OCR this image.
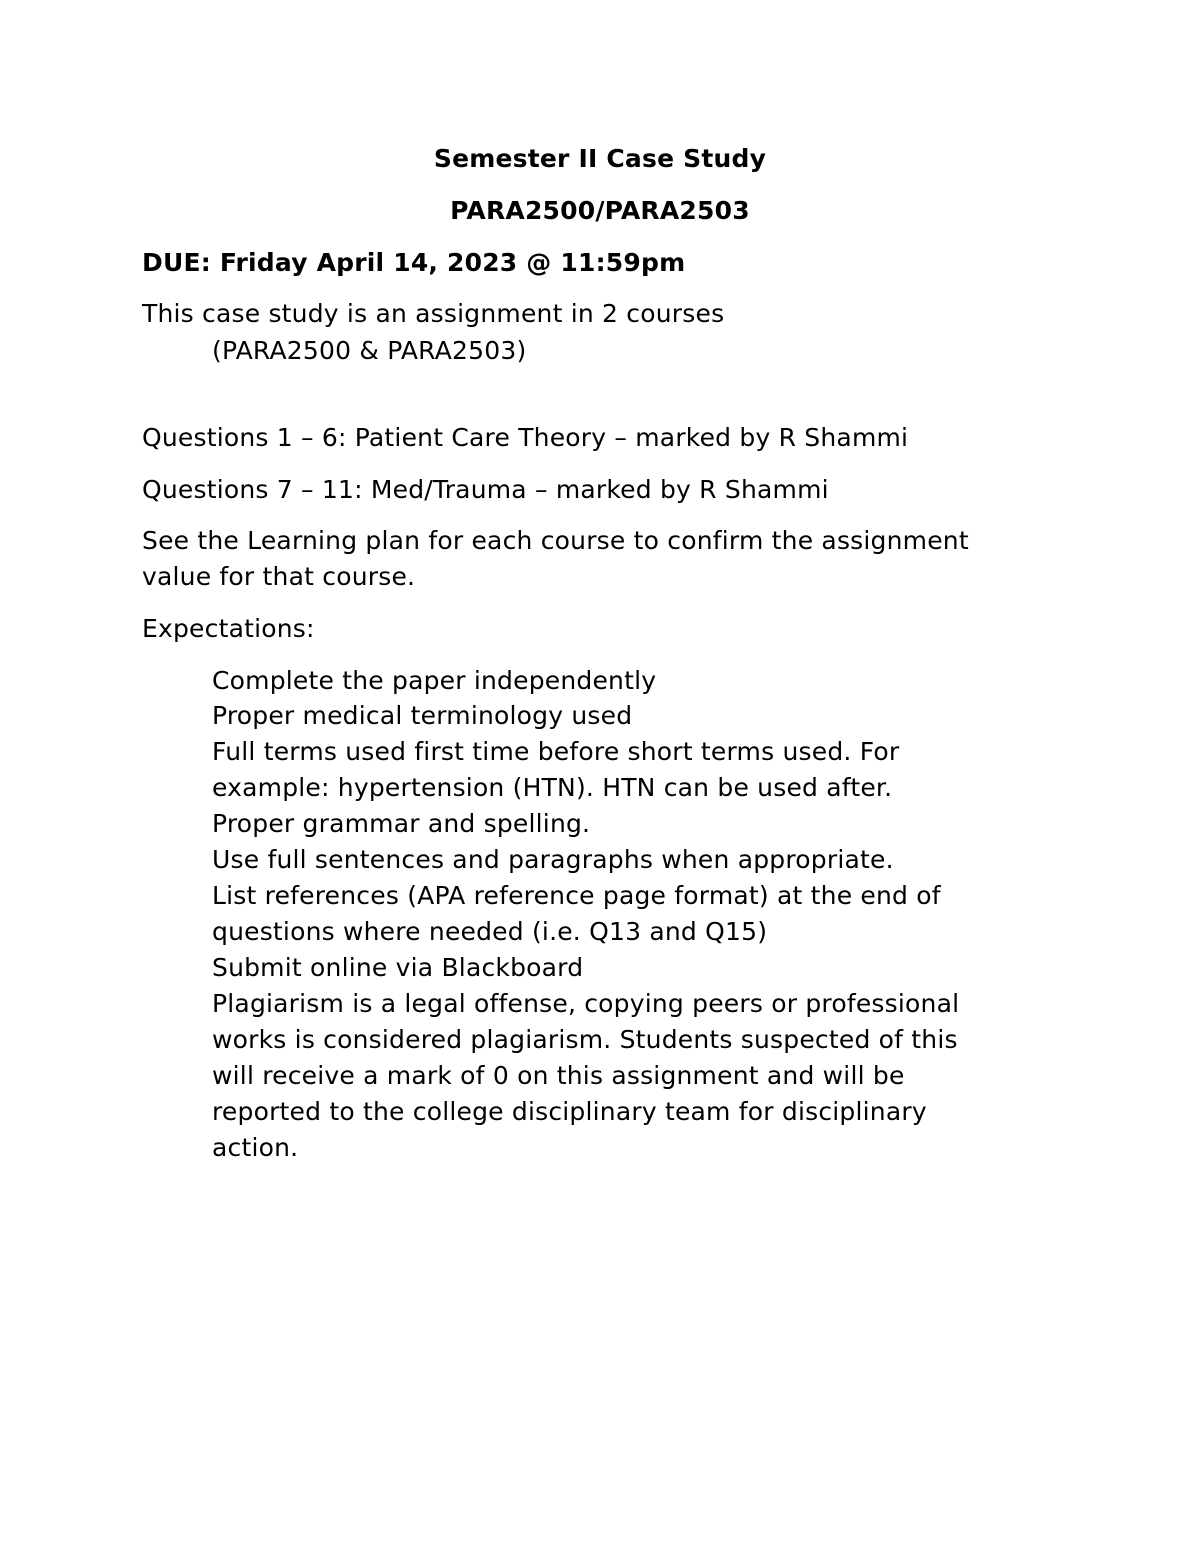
Semester II Case Study
PARA2500/PARA2503
DUE: Friday April 14, 2023 @ 11:59pm
This case study is an assignment in 2 courses
(PARA2500 & PARA2503)
Questions 1 – 6: Patient Care Theory – marked by R Shammi
Questions 7 – 11: Med/Trauma – marked by R Shammi
See the Learning plan for each course to confirm the assignment
value for that course.
Expectations:
Complete the paper independently
Proper medical terminology used
Full terms used first time before short terms used. For
example: hypertension (HTN). HTN can be used after.
Proper grammar and spelling.
Use full sentences and paragraphs when appropriate.
List references (APA reference page format) at the end of
questions where needed (i.e. Q13 and Q15)
Submit online via Blackboard
Plagiarism is a legal offense, copying peers or professional
works is considered plagiarism. Students suspected of this
will receive a mark of 0 on this assignment and will be
reported to the college disciplinary team for disciplinary
action.
